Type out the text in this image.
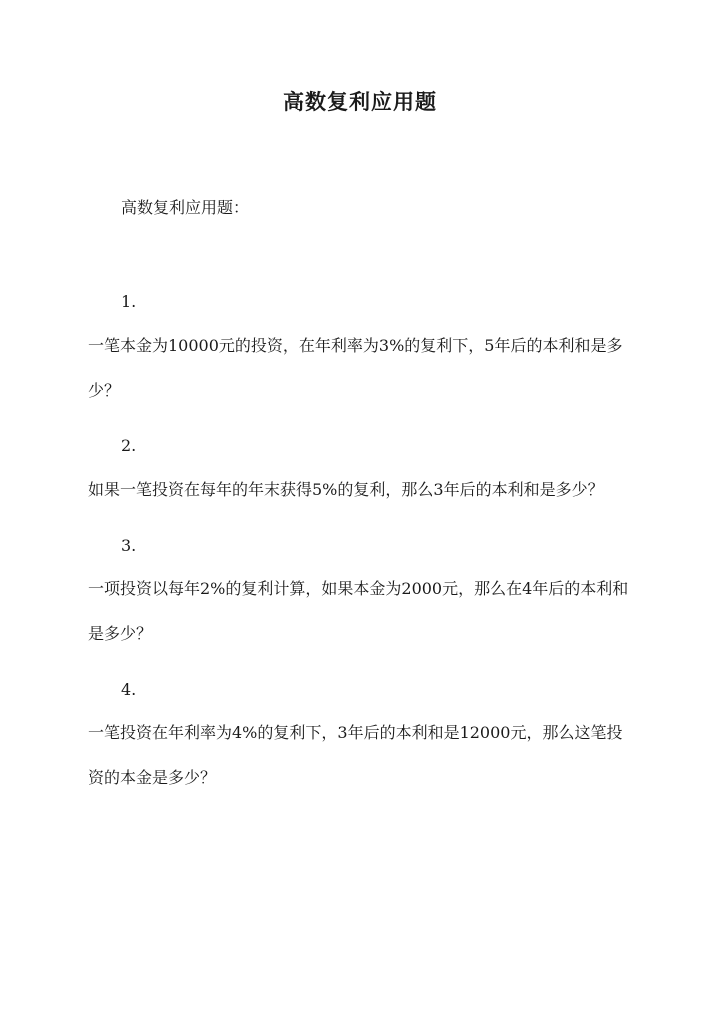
高数复利应用题
高数复利应用题：
1.
一笔本金为10000元的投资，在年利率为3%的复利下，5年后的本利和是多少？
2.
如果一笔投资在每年的年末获得5%的复利，那么3年后的本利和是多少？
3.
一项投资以每年2%的复利计算，如果本金为2000元，那么在4年后的本利和是多少？
4.
一笔投资在年利率为4%的复利下，3年后的本利和是12000元，那么这笔投资的本金是多少？
